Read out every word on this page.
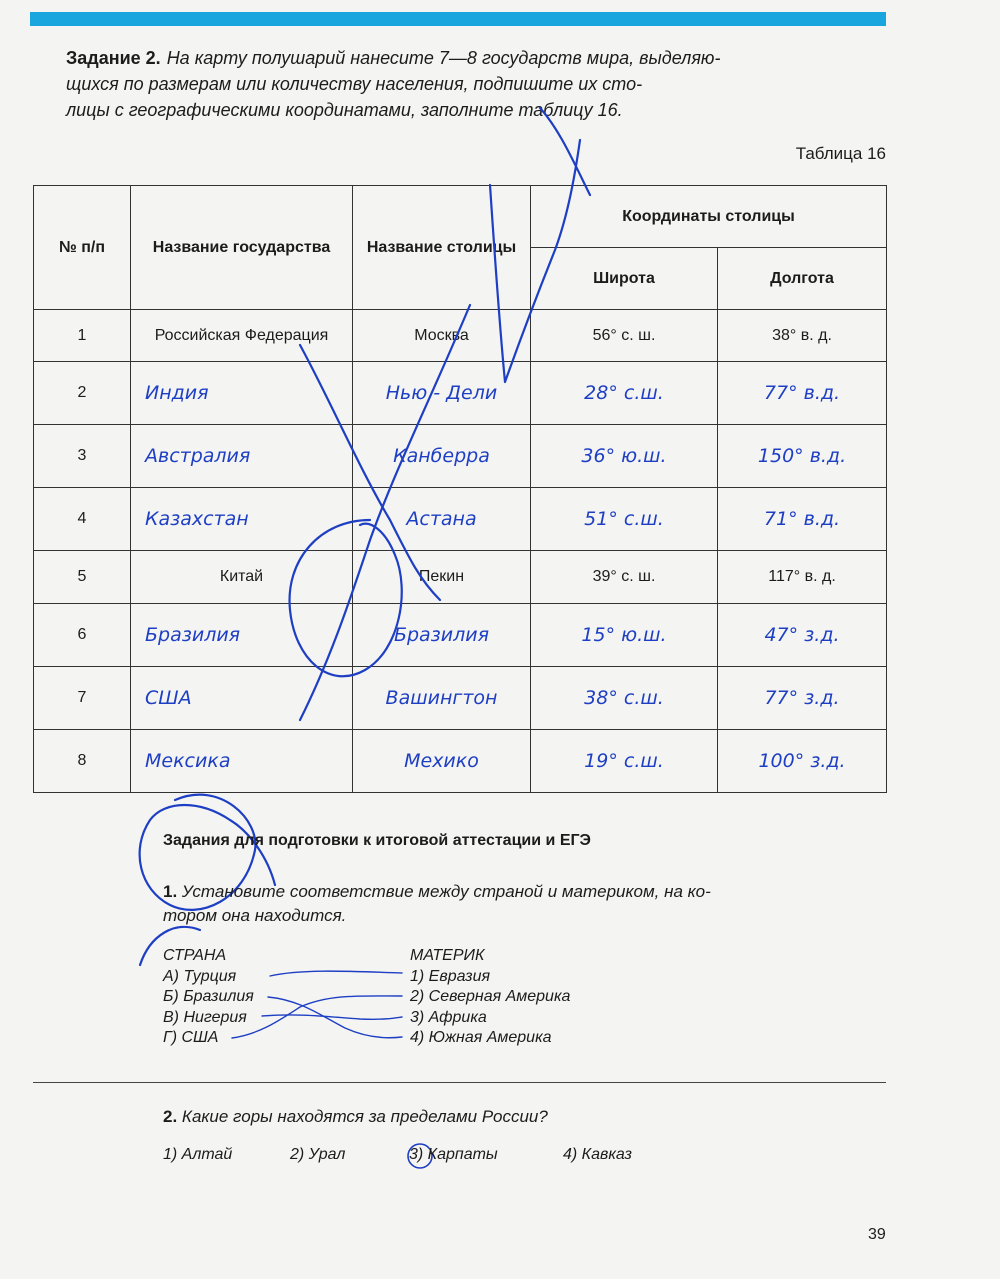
Задание 2. На карту полушарий нанесите 7—8 государств мира, выделяю-
щихся по размерам или количеству населения, подпишите их сто-
лицы с географическими координатами, заполните таблицу 16.
Таблица 16
№ п/п	Название государства	Название столицы	Координаты столицы	
			Широта	Долгота
1	Российская Федерация	Москва	56° с. ш.	38° в. д.
2	Индия	Нью - Дели	28° с.ш.	77° в.д.
3	Австралия	Канберра	36° ю.ш.	150° в.д.
4	Казахстан	Астана	51° с.ш.	71° в.д.
5	Китай	Пекин	39° с. ш.	117° в. д.
6	Бразилия	Бразилия	15° ю.ш.	47° з.д.
7	США	Вашингтон	38° с.ш.	77° з.д.
8	Мексика	Мехико	19° с.ш.	100° з.д.
Задания для подготовки к итоговой аттестации и ЕГЭ
1. Установите соответствие между страной и материком, на ко-
тором она находится.
СТРАНА
А) Турция
Б) Бразилия
В) Нигерия
Г) США
МАТЕРИК
1) Евразия
2) Северная Америка
3) Африка
4) Южная Америка
2. Какие горы находятся за пределами России?
1) Алтай	2) Урал	3) Карпаты	4) Кавказ
39
